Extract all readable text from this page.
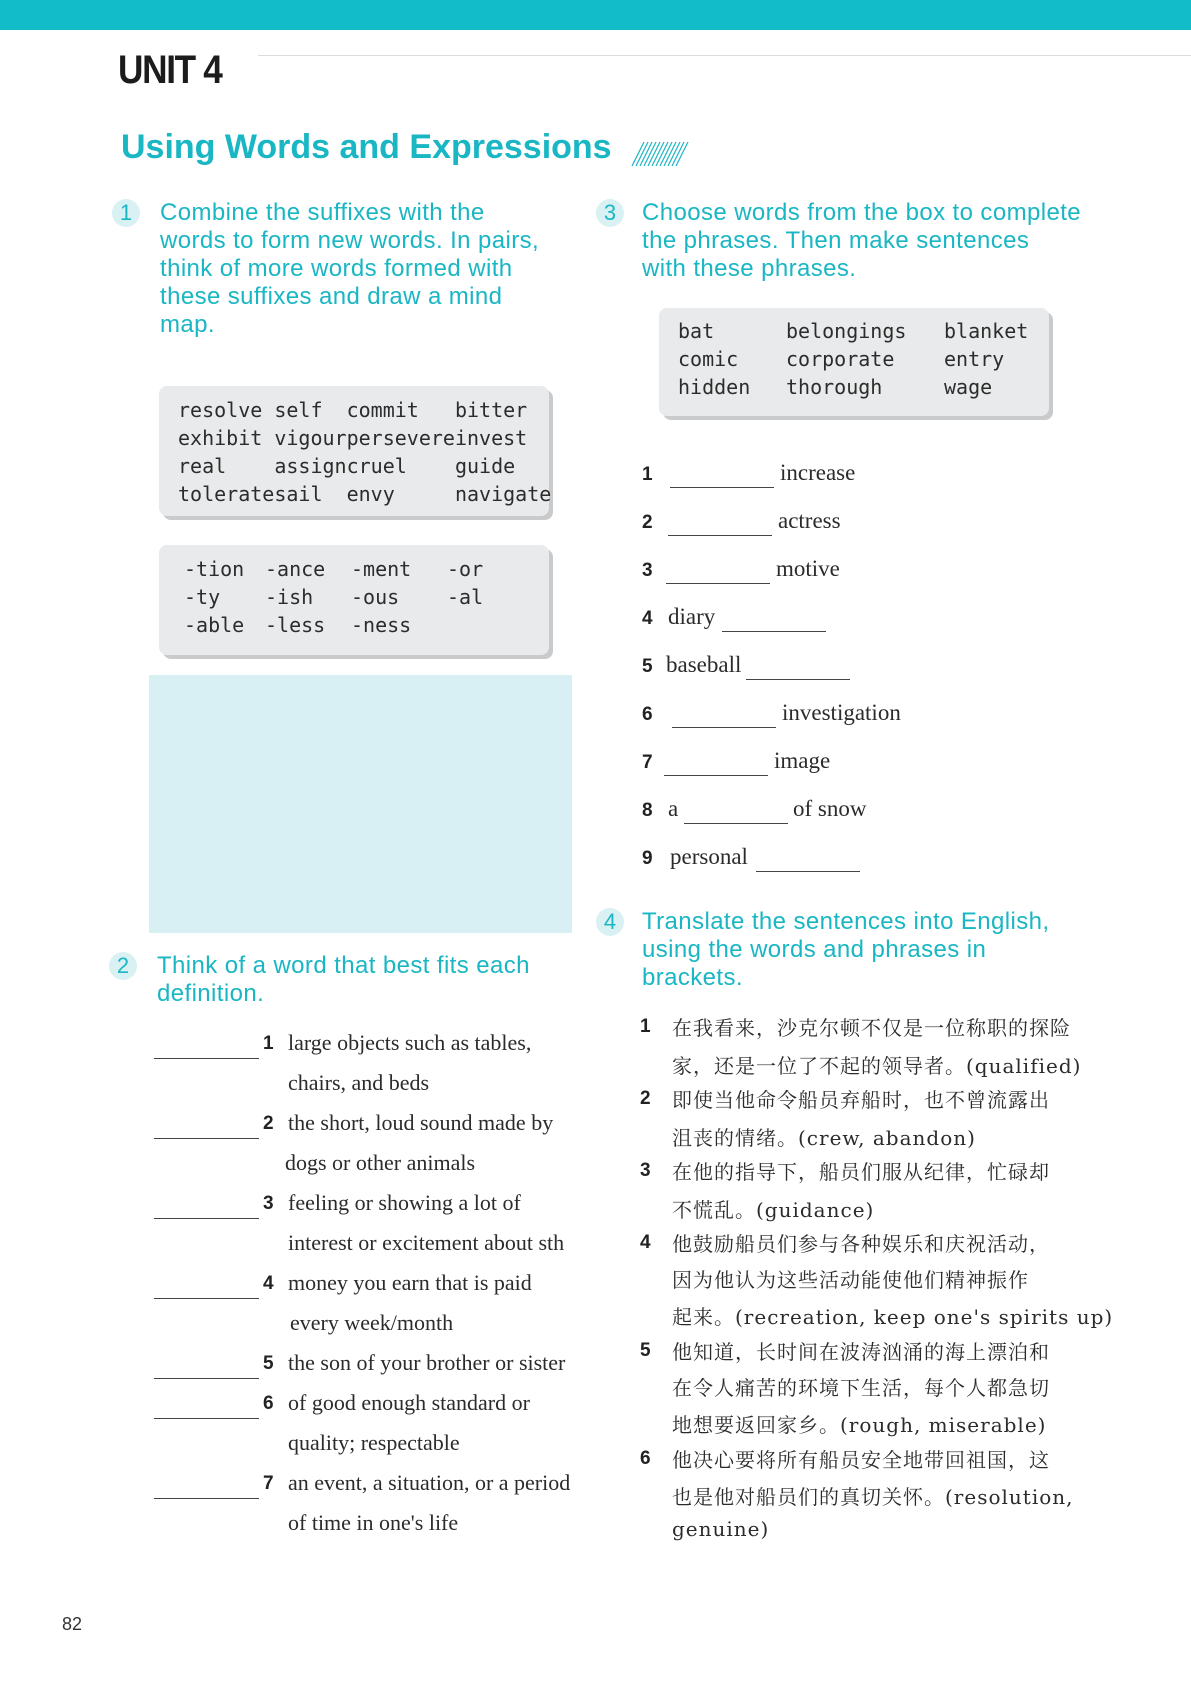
UNIT 4
Using Words and Expressions
1	Combine the suffixes with the
words to form new words. In pairs,
think of more words formed with
these suffixes and draw a mind
map.
resolve	self	commit	bitter
exhibit	vigour	persevere	invest
real	assign	cruel	guide
tolerate	sail	envy	navigate
-tion	-ance	-ment	-or
-ty	-ish	-ous	-al
-able	-less	-ness	
2	Think of a word that best fits each
definition.
1 large objects such as tables,
chairs, and beds
2 the short, loud sound made by
dogs or other animals
3 feeling or showing a lot of
interest or excitement about sth
4 money you earn that is paid
every week/month
5 the son of your brother or sister
6 of good enough standard or
quality; respectable
7 an event, a situation, or a period
of time in one's life
3	Choose words from the box to complete
the phrases. Then make sentences
with these phrases.
bat	belongings	blanket
comic	corporate	entry
hidden	thorough	wage
1	increase
2	actress
3	motive
4 diary
5 baseball
6	investigation
7	image
8 a	of snow
9 personal
4	Translate the sentences into English,
using the words and phrases in
brackets.
1 在我看来，沙克尔顿不仅是一位称职的探险
家，还是一位了不起的领导者。(qualified)
2 即使当他命令船员弃船时，也不曾流露出
沮丧的情绪。(crew, abandon)
3 在他的指导下，船员们服从纪律，忙碌却
不慌乱。(guidance)
4 他鼓励船员们参与各种娱乐和庆祝活动，
因为他认为这些活动能使他们精神振作
起来。(recreation, keep one's spirits up)
5 他知道，长时间在波涛汹涌的海上漂泊和
在令人痛苦的环境下生活，每个人都急切
地想要返回家乡。(rough, miserable)
6 他决心要将所有船员安全地带回祖国，这
也是他对船员们的真切关怀。(resolution,
genuine)
82
